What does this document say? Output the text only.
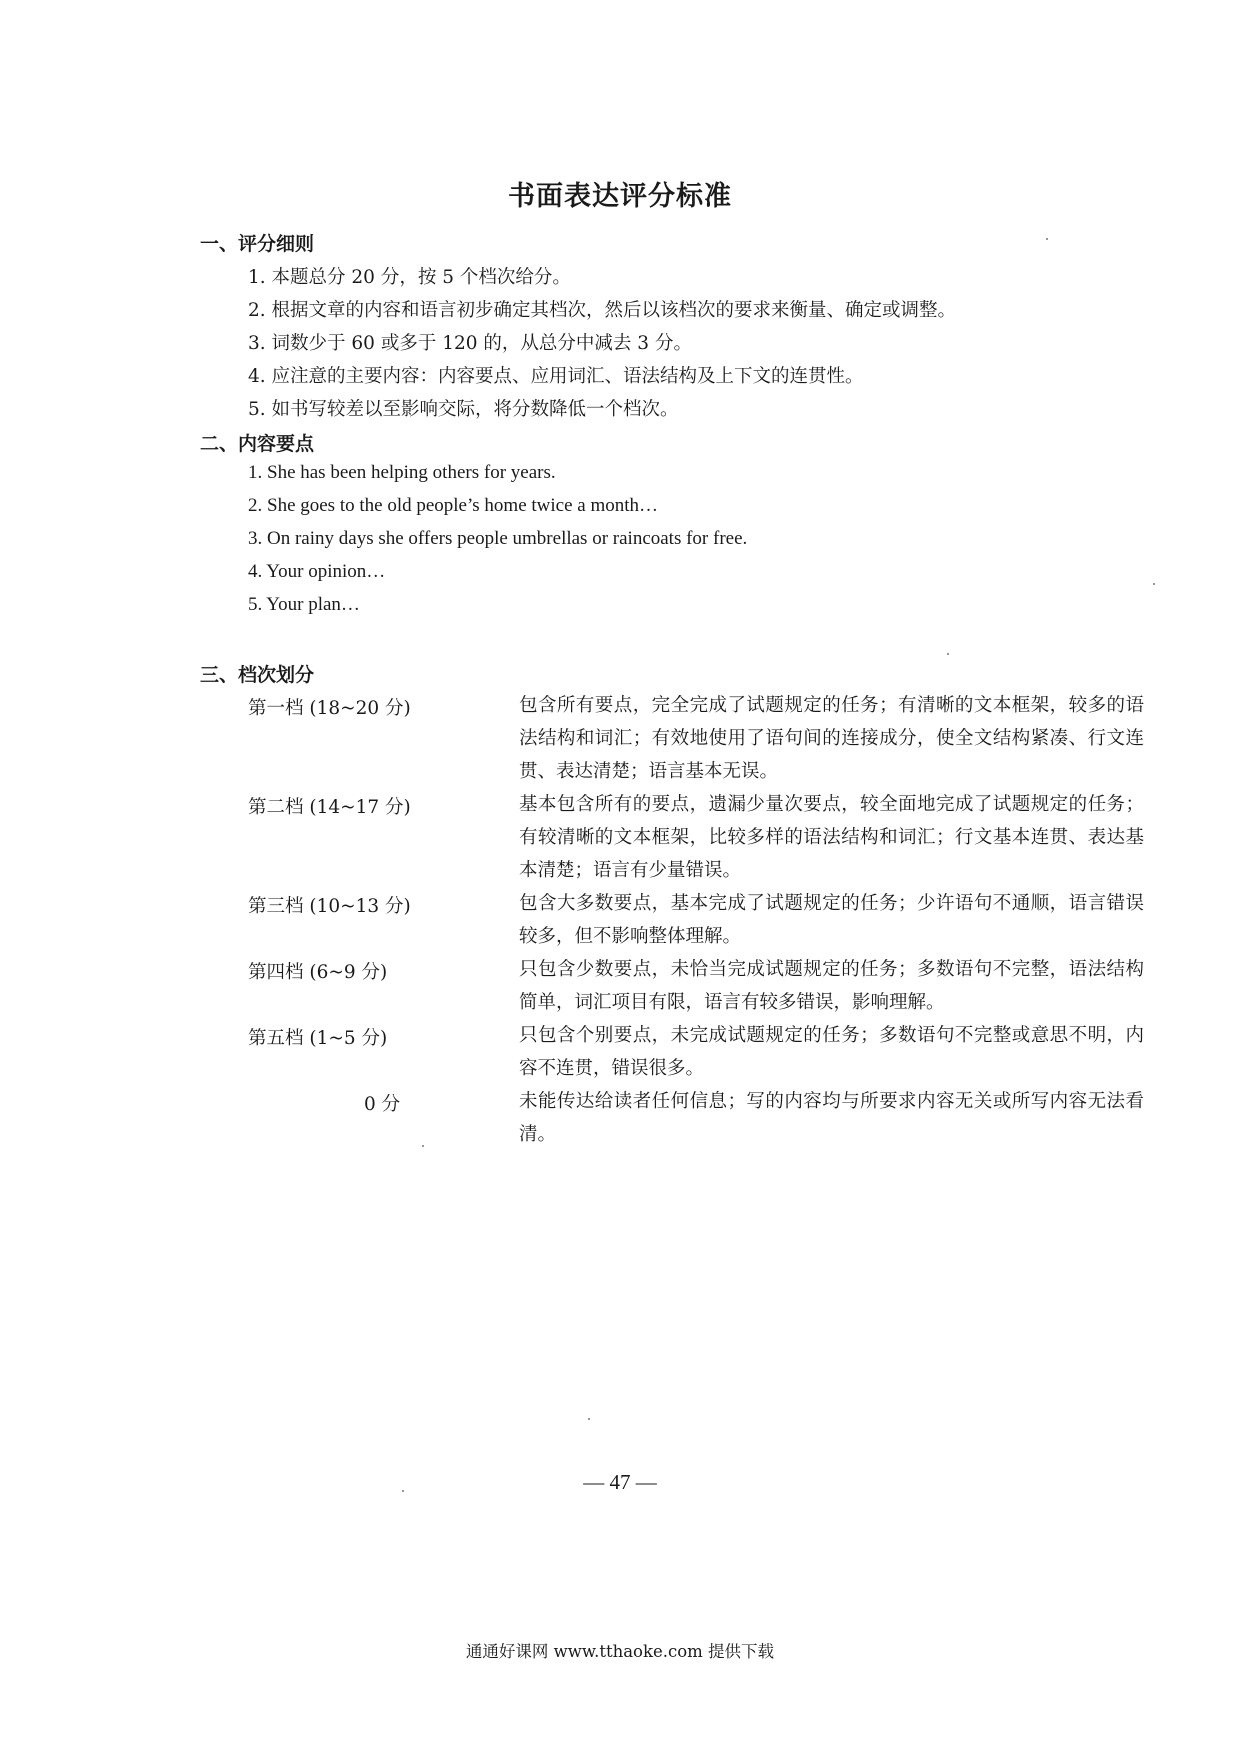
书面表达评分标准
一、评分细则
1. 本题总分 20 分，按 5 个档次给分。
2. 根据文章的内容和语言初步确定其档次，然后以该档次的要求来衡量、确定或调整。
3. 词数少于 60 或多于 120 的，从总分中减去 3 分。
4. 应注意的主要内容：内容要点、应用词汇、语法结构及上下文的连贯性。
5. 如书写较差以至影响交际，将分数降低一个档次。
二、内容要点
1. She has been helping others for years.
2. She goes to the old people’s home twice a month…
3. On rainy days she offers people umbrellas or raincoats for free.
4. Your opinion…
5. Your plan…
三、档次划分
第一档 (18~20 分)	包含所有要点，完全完成了试题规定的任务；有清晰的文本框架，较多的语法结构和词汇；有效地使用了语句间的连接成分，使全文结构紧凑、行文连贯、表达清楚；语言基本无误。
第二档 (14~17 分)	基本包含所有的要点，遗漏少量次要点，较全面地完成了试题规定的任务；有较清晰的文本框架，比较多样的语法结构和词汇；行文基本连贯、表达基本清楚；语言有少量错误。
第三档 (10~13 分)	包含大多数要点，基本完成了试题规定的任务；少许语句不通顺，语言错误较多，但不影响整体理解。
第四档 (6~9 分)	只包含少数要点，未恰当完成试题规定的任务；多数语句不完整，语法结构简单，词汇项目有限，语言有较多错误，影响理解。
第五档 (1~5 分)	只包含个别要点，未完成试题规定的任务；多数语句不完整或意思不明，内容不连贯，错误很多。
0 分	未能传达给读者任何信息；写的内容均与所要求内容无关或所写内容无法看清。
— 47 —
通通好课网 www.tthaoke.com 提供下载
